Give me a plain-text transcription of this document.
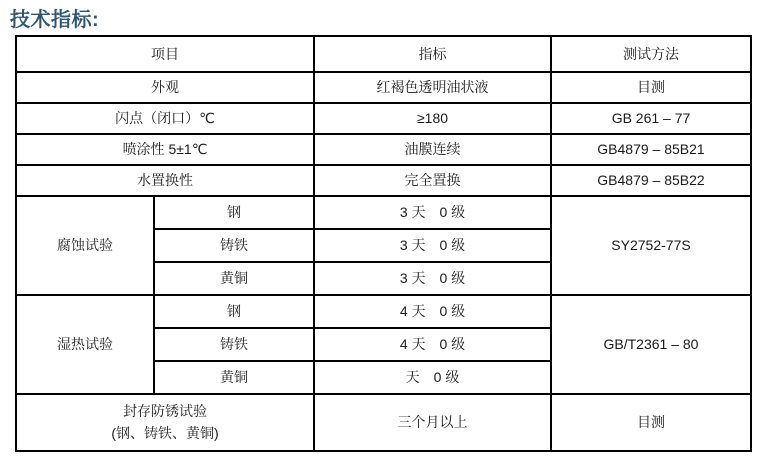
技术指标:
项目		指标	测试方法
外观		红褐色透明油状液	目测
闪点（闭口）℃		≥180	GB 261 – 77
喷涂性 5±1℃		油膜连续	GB4879 – 85B21
水置换性		完全置换	GB4879 – 85B22
腐蚀试验	钢	3 天　0 级	SY2752-77S
	铸铁	3 天　0 级	
	黄铜	3 天　0 级	
湿热试验	钢	4 天　0 级	GB/T2361 – 80
	铸铁	4 天　0 级	
	黄铜	天　0 级	

封存防锈试验
(钢、铸铁、黄铜)		三个月以上	目测
